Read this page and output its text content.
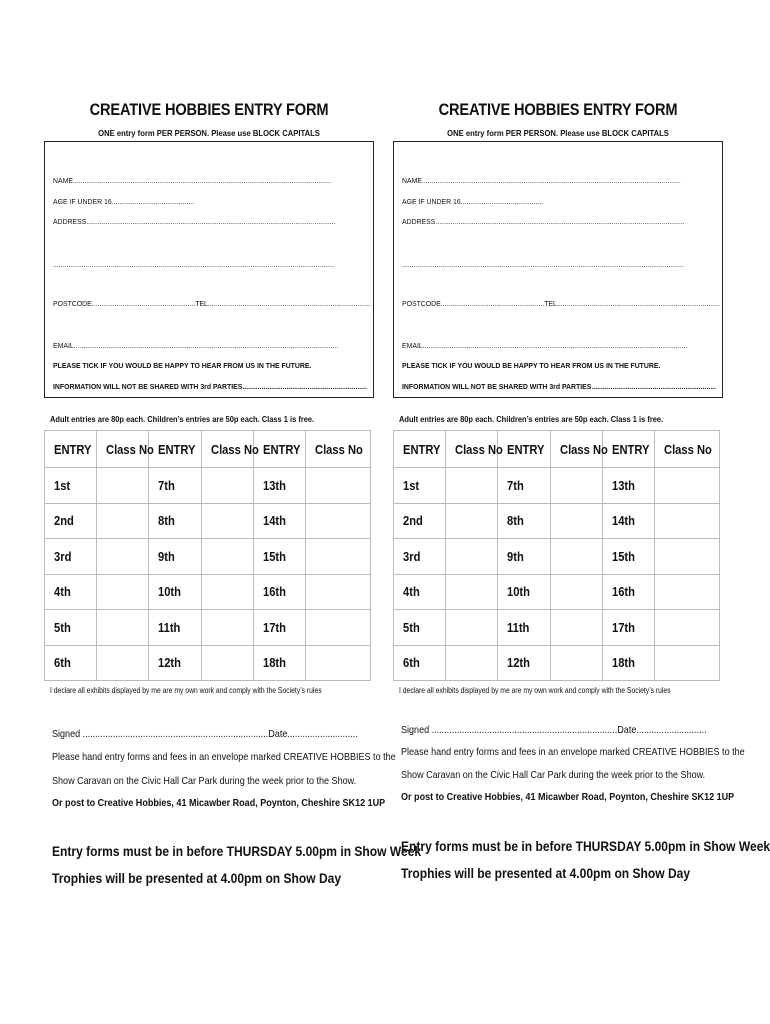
CREATIVE HOBBIES ENTRY FORM
ONE entry form PER PERSON. Please use BLOCK CAPITALS
NAME.......................................................................................................................................
AGE IF UNDER 16...........................................
ADDRESS..................................................................................................................................
...................................................................................................................................................
POSTCODE......................................................TEL.....................................................................................
EMAIL..........................................................................................................................................
PLEASE TICK IF YOU WOULD BE HAPPY TO HEAR FROM US IN THE FUTURE.
INFORMATION WILL NOT BE SHARED WITH 3rd PARTIES.................................................................
Adult entries are 80p each. Children’s entries are 50p each. Class 1 is free.
ENTRY	Class No	ENTRY	Class No	ENTRY	Class No
1st		7th		13th	
2nd		8th		14th	
3rd		9th		15th	
4th		10th		16th	
5th		11th		17th	
6th		12th		18th	
I declare all exhibits displayed by me are my own work and comply with the Society’s rules
Signed ..........................................................................Date............................
Please hand entry forms and fees in an envelope marked CREATIVE HOBBIES to the
Show Caravan on the Civic Hall Car Park during the week prior to the Show.
Or post to Creative Hobbies, 41 Micawber Road, Poynton, Cheshire SK12 1UP
Entry forms must be in before THURSDAY 5.00pm in Show Week
Trophies will be presented at 4.00pm on Show Day
CREATIVE HOBBIES ENTRY FORM
ONE entry form PER PERSON. Please use BLOCK CAPITALS
NAME.......................................................................................................................................
AGE IF UNDER 16...........................................
ADDRESS..................................................................................................................................
...................................................................................................................................................
POSTCODE......................................................TEL.....................................................................................
EMAIL..........................................................................................................................................
PLEASE TICK IF YOU WOULD BE HAPPY TO HEAR FROM US IN THE FUTURE.
INFORMATION WILL NOT BE SHARED WITH 3rd PARTIES.................................................................
Adult entries are 80p each. Children’s entries are 50p each. Class 1 is free.
ENTRY	Class No	ENTRY	Class No	ENTRY	Class No
1st		7th		13th	
2nd		8th		14th	
3rd		9th		15th	
4th		10th		16th	
5th		11th		17th	
6th		12th		18th	
I declare all exhibits displayed by me are my own work and comply with the Society’s rules
Signed ..........................................................................Date............................
Please hand entry forms and fees in an envelope marked CREATIVE HOBBIES to the
Show Caravan on the Civic Hall Car Park during the week prior to the Show.
Or post to Creative Hobbies, 41 Micawber Road, Poynton, Cheshire SK12 1UP
Entry forms must be in before THURSDAY 5.00pm in Show Week
Trophies will be presented at 4.00pm on Show Day
